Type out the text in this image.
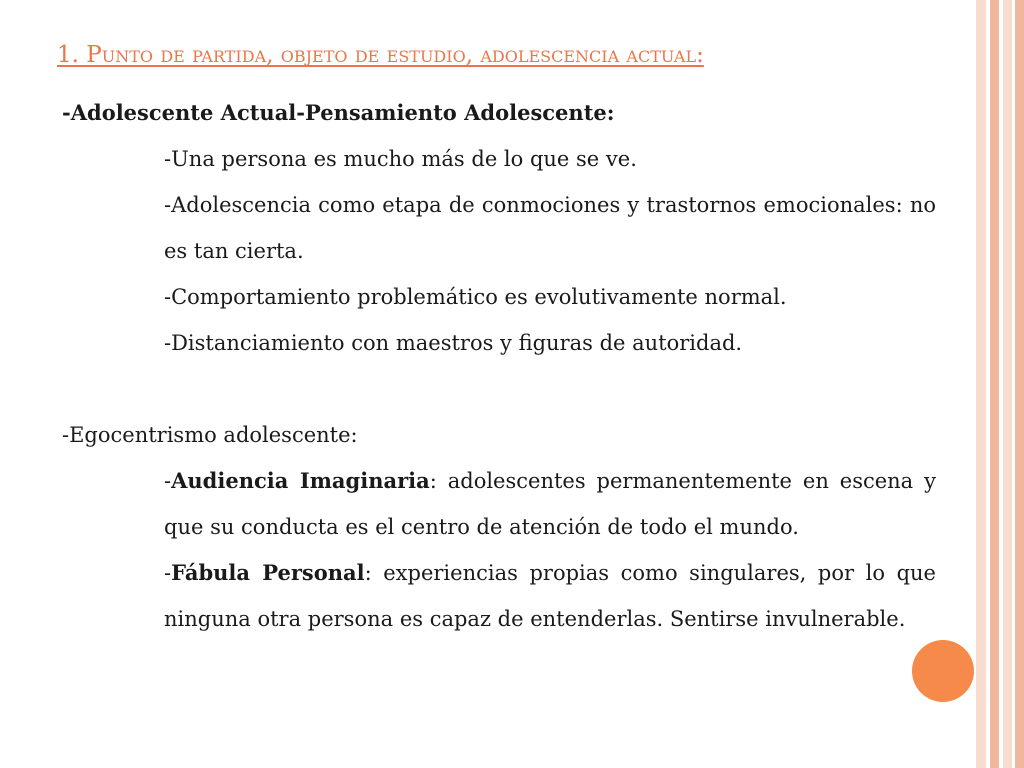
1. Punto de partida, objeto de estudio, adolescencia actual:

-Adolescente Actual-Pensamiento Adolescente:

-Una persona es mucho más de lo que se ve.

-Adolescencia como etapa de conmociones y trastornos emocionales: no es tan cierta.

-Comportamiento problemático es evolutivamente normal.

-Distanciamiento con maestros y figuras de autoridad.

-Egocentrismo adolescente:

-Audiencia Imaginaria: adolescentes permanentemente en escena y que su conducta es el centro de atención de todo el mundo.

-Fábula Personal: experiencias propias como singulares, por lo que ninguna otra persona es capaz de entenderlas. Sentirse invulnerable.
